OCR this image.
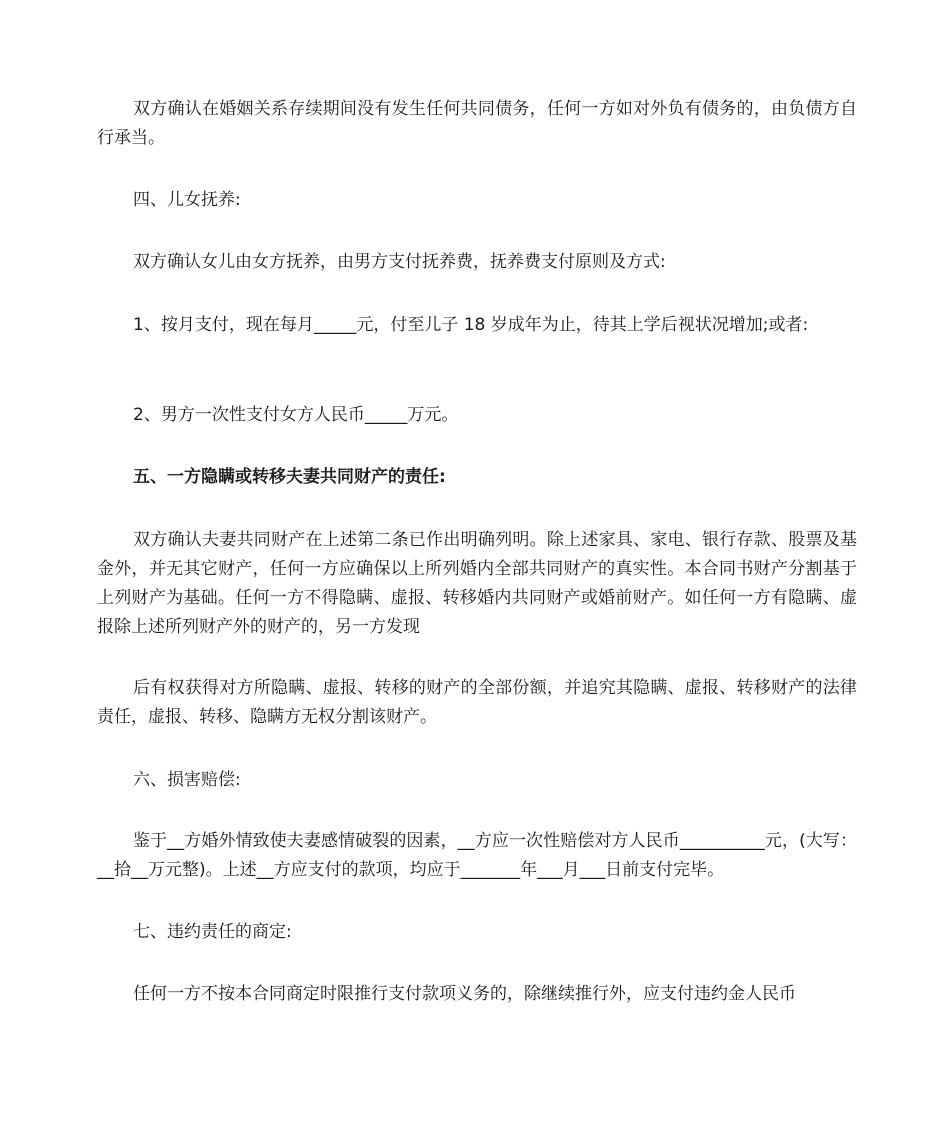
双方确认在婚姻关系存续期间没有发生任何共同债务，任何一方如对外负有债务的，由负债方自行承当。

四、儿女抚养:

双方确认女儿由女方抚养，由男方支付抚养费，抚养费支付原则及方式:

1、按月支付，现在每月_____元，付至儿子 18 岁成年为止，待其上学后视状况增加;或者:

2、男方一次性支付女方人民币_____万元。

五、一方隐瞒或转移夫妻共同财产的责任:

双方确认夫妻共同财产在上述第二条已作出明确列明。除上述家具、家电、银行存款、股票及基金外，并无其它财产，任何一方应确保以上所列婚内全部共同财产的真实性。本合同书财产分割基于上列财产为基础。任何一方不得隐瞒、虚报、转移婚内共同财产或婚前财产。如任何一方有隐瞒、虚报除上述所列财产外的财产的，另一方发现

后有权获得对方所隐瞒、虚报、转移的财产的全部份额，并追究其隐瞒、虚报、转移财产的法律责任，虚报、转移、隐瞒方无权分割该财产。

六、损害赔偿:

鉴于__方婚外情致使夫妻感情破裂的因素，__方应一次性赔偿对方人民币__________元，(大写：__拾__万元整)。上述__方应支付的款项，均应于_______年___月___日前支付完毕。

七、违约责任的商定:

任何一方不按本合同商定时限推行支付款项义务的，除继续推行外，应支付违约金人民币
